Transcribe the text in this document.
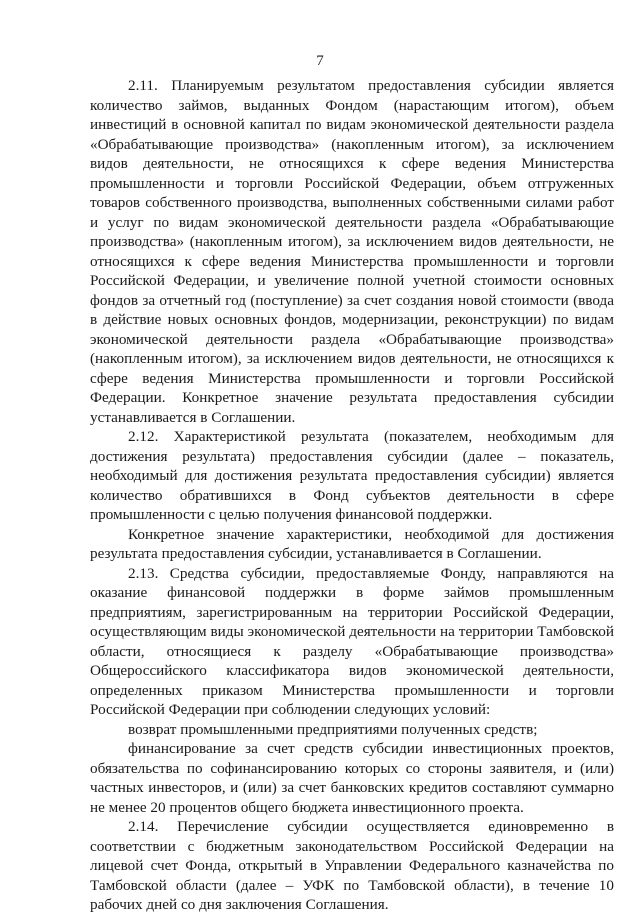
7

2.11. Планируемым результатом предоставления субсидии является количество займов, выданных Фондом (нарастающим итогом), объем инвестиций в основной капитал по видам экономической деятельности раздела «Обрабатывающие производства» (накопленным итогом), за исключением видов деятельности, не относящихся к сфере ведения Министерства промышленности и торговли Российской Федерации, объем отгруженных товаров собственного производства, выполненных собственными силами работ и услуг по видам экономической деятельности раздела «Обрабатывающие производства» (накопленным итогом), за исключением видов деятельности, не относящихся к сфере ведения Министерства промышленности и торговли Российской Федерации, и увеличение полной учетной стоимости основных фондов за отчетный год (поступление) за счет создания новой стоимости (ввода в действие новых основных фондов, модернизации, реконструкции) по видам экономической деятельности раздела «Обрабатывающие производства» (накопленным итогом), за исключением видов деятельности, не относящихся к сфере ведения Министерства промышленности и торговли Российской Федерации. Конкретное значение результата предоставления субсидии устанавливается в Соглашении.

2.12. Характеристикой результата (показателем, необходимым для достижения результата) предоставления субсидии (далее – показатель, необходимый для достижения результата предоставления субсидии) является количество обратившихся в Фонд субъектов деятельности в сфере промышленности с целью получения финансовой поддержки.

Конкретное значение характеристики, необходимой для достижения результата предоставления субсидии, устанавливается в Соглашении.

2.13. Средства субсидии, предоставляемые Фонду, направляются на оказание финансовой поддержки в форме займов промышленным предприятиям, зарегистрированным на территории Российской Федерации, осуществляющим виды экономической деятельности на территории Тамбовской области, относящиеся к разделу «Обрабатывающие производства» Общероссийского классификатора видов экономической деятельности, определенных приказом Министерства промышленности и торговли Российской Федерации при соблюдении следующих условий:

возврат промышленными предприятиями полученных средств;

финансирование за счет средств субсидии инвестиционных проектов, обязательства по софинансированию которых со стороны заявителя, и (или) частных инвесторов, и (или) за счет банковских кредитов составляют суммарно не менее 20 процентов общего бюджета инвестиционного проекта.

2.14. Перечисление субсидии осуществляется единовременно в соответствии с бюджетным законодательством Российской Федерации на лицевой счет Фонда, открытый в Управлении Федерального казначейства по Тамбовской области (далее – УФК по Тамбовской области), в течение 10 рабочих дней со дня заключения Соглашения.
